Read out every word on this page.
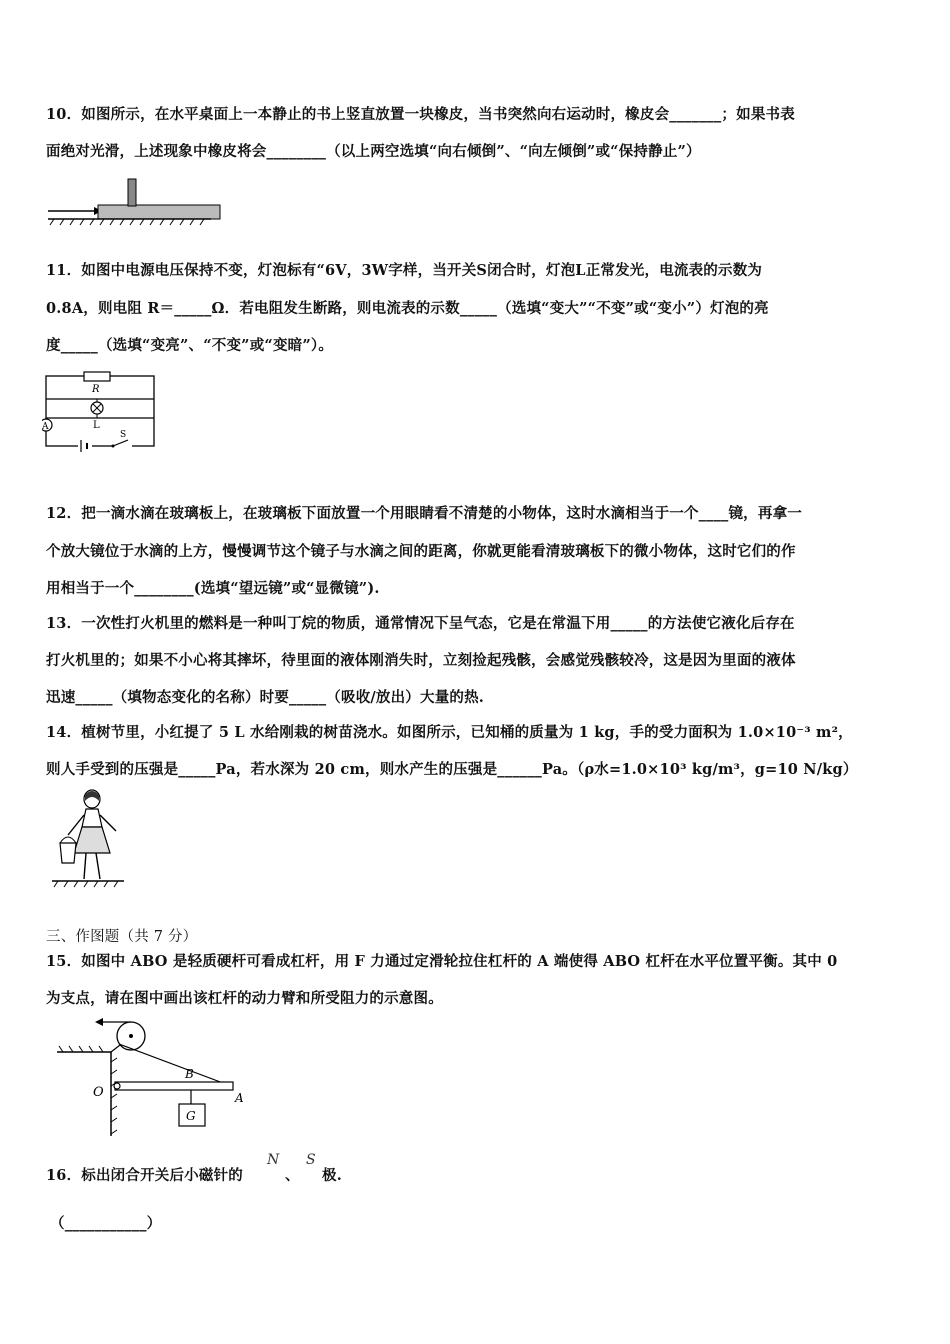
10．如图所示，在水平桌面上一本静止的书上竖直放置一块橡皮，当书突然向右运动时，橡皮会_______；如果书表
面绝对光滑，上述现象中橡皮将会________（以上两空选填“向右倾倒”、“向左倾倒”或“保持静止”）
11．如图中电源电压保持不变，灯泡标有“6V，3W字样，当开关S闭合时，灯泡L正常发光，电流表的示数为
0.8A，则电阻 R＝_____Ω．若电阻发生断路，则电流表的示数_____（选填“变大”“不变”或“变小”）灯泡的亮
度_____（选填“变亮”、“不变”或“变暗”）。
R
L
A
S
12．把一滴水滴在玻璃板上，在玻璃板下面放置一个用眼睛看不清楚的小物体，这时水滴相当于一个____镜，再拿一
个放大镜位于水滴的上方，慢慢调节这个镜子与水滴之间的距离，你就更能看清玻璃板下的微小物体，这时它们的作
用相当于一个________(选填“望远镜”或“显微镜”).
13．一次性打火机里的燃料是一种叫丁烷的物质，通常情况下呈气态，它是在常温下用_____的方法使它液化后存在
打火机里的；如果不小心将其摔坏，待里面的液体刚消失时，立刻捡起残骸，会感觉残骸较冷，这是因为里面的液体
迅速_____（填物态变化的名称）时要_____（吸收/放出）大量的热.
14．植树节里，小红提了 5 L 水给刚栽的树苗浇水。如图所示，已知桶的质量为 1 kg，手的受力面积为 1.0×10⁻³ m²，
则人手受到的压强是_____Pa，若水深为 20 cm，则水产生的压强是______Pa。（ρ水=1.0×10³ kg/m³，g=10 N/kg）
三、作图题（共 7 分）
15．如图中 ABO 是轻质硬杆可看成杠杆，用 F 力通过定滑轮拉住杠杆的 A 端使得 ABO 杠杆在水平位置平衡。其中 0
为支点，请在图中画出该杠杆的动力臂和所受阻力的示意图。
O
B
A
G
16．标出闭合开关后小磁针的
N
、
S
极.
（___________）
